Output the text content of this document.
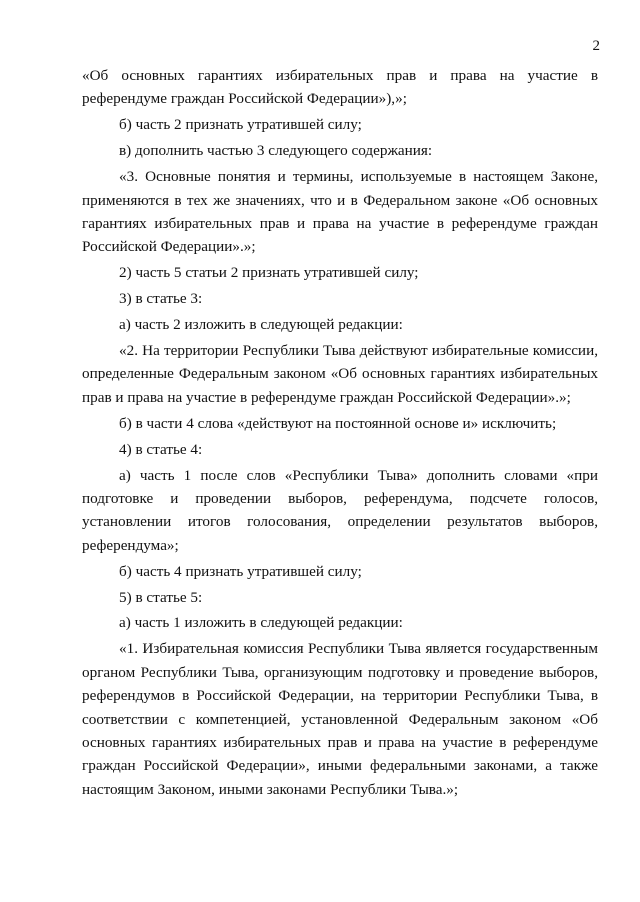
2

«Об основных гарантиях избирательных прав и права на участие в референдуме граждан Российской Федерации»),»;

б) часть 2 признать утратившей силу;

в) дополнить частью 3 следующего содержания:

«3. Основные понятия и термины, используемые в настоящем Законе, применяются в тех же значениях, что и в Федеральном законе «Об основных гарантиях избирательных прав и права на участие в референдуме граждан Российской Федерации».»;

2) часть 5 статьи 2 признать утратившей силу;

3) в статье 3:

а) часть 2 изложить в следующей редакции:

«2. На территории Республики Тыва действуют избирательные комиссии, определенные Федеральным законом «Об основных гарантиях избирательных прав и права на участие в референдуме граждан Российской Федерации».»;

б) в части 4 слова «действуют на постоянной основе и» исключить;

4) в статье 4:

а) часть 1 после слов «Республики Тыва» дополнить словами «при подготовке и проведении выборов, референдума, подсчете голосов, установлении итогов голосования, определении результатов выборов, референдума»;

б) часть 4 признать утратившей силу;

5) в статье 5:

а) часть 1 изложить в следующей редакции:

«1. Избирательная комиссия Республики Тыва является государственным органом Республики Тыва, организующим подготовку и проведение выборов, референдумов в Российской Федерации, на территории Республики Тыва, в соответствии с компетенцией, установленной Федеральным законом «Об основных гарантиях избирательных прав и права на участие в референдуме граждан Российской Федерации», иными федеральными законами, а также настоящим Законом, иными законами Республики Тыва.»;
